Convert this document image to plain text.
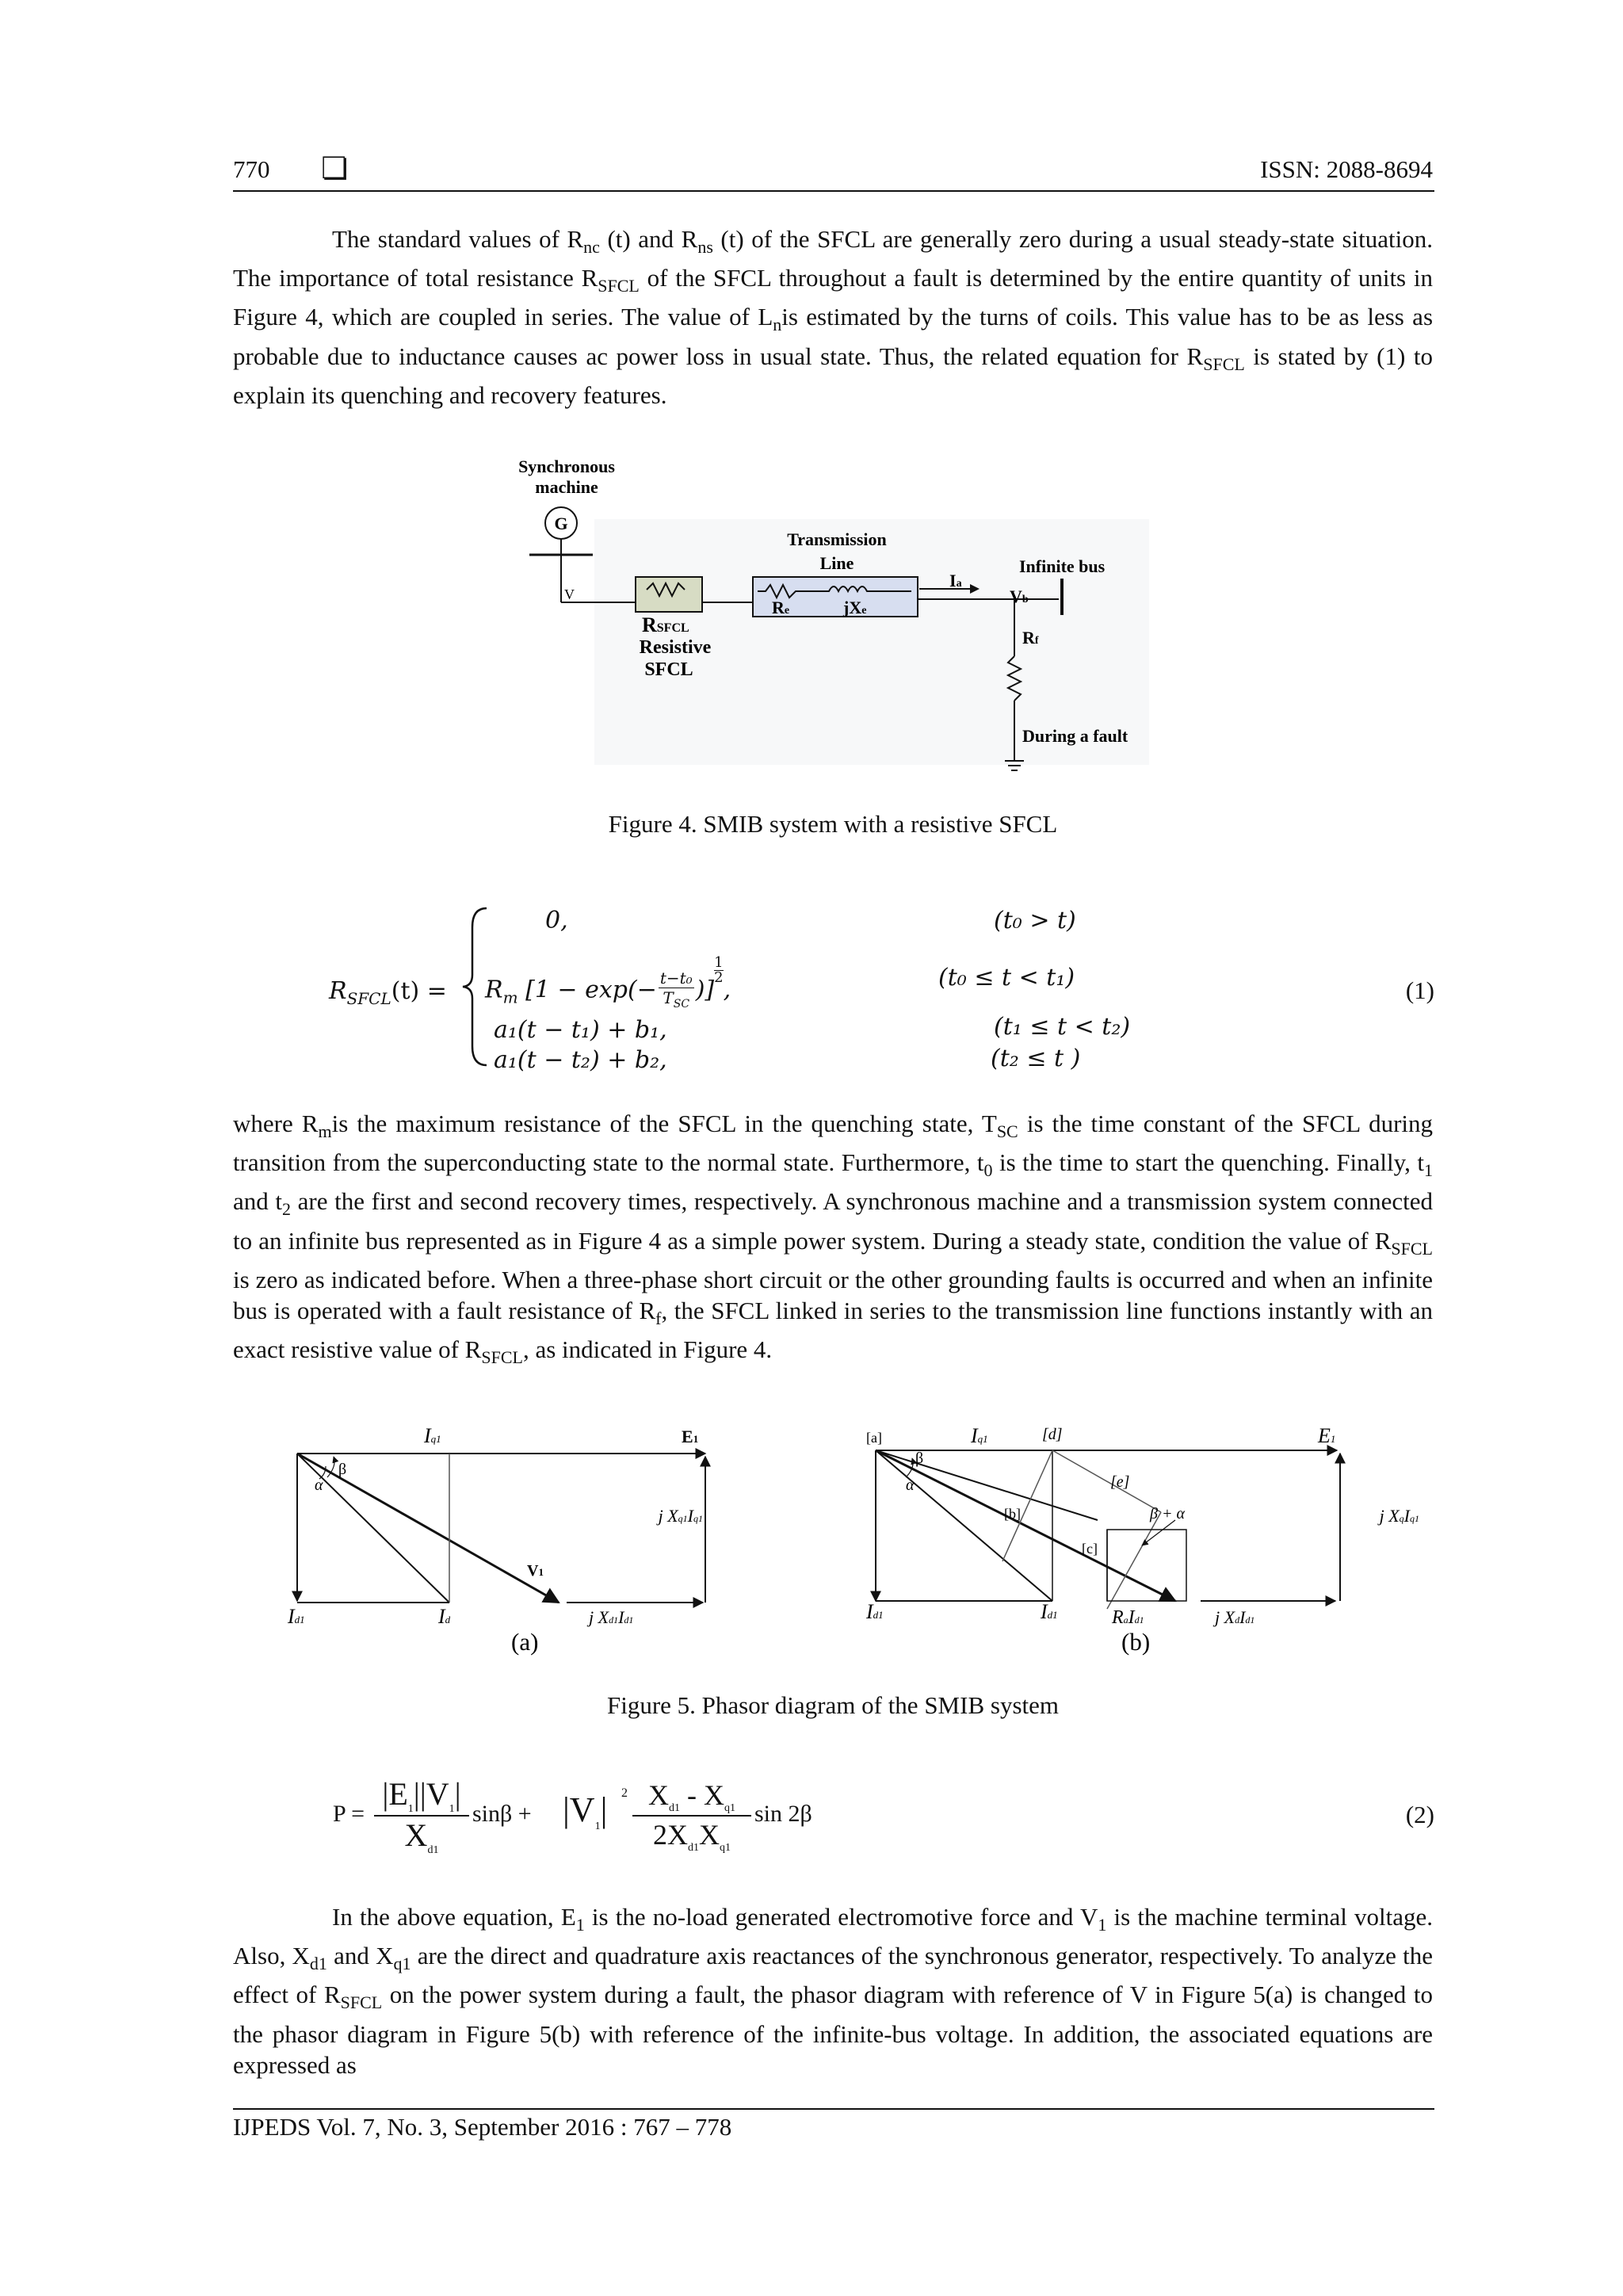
770 ❏	ISSN: 2088-8694
The standard values of $R_{nc}$ (t) and $R_{ns}$ (t) of the SFCL are generally zero during a usual steady-state situation. The importance of total resistance $R_{SFCL}$ of the SFCL throughout a fault is determined by the entire quantity of units in Figure 4, which are coupled in series. The value of $L_nis$ estimated by the turns of coils. This value has to be as less as probable due to inductance causes ac power loss in usual state. Thus, the related equation for $R_{SFCL}$ is stated by (1) to explain its quenching and recovery features.
Synchronous
machine
G
V
RSFCL
Resistive
SFCL
Transmission
Line
Re	jXe
Ia
Vb
Infinite bus
Rf
During a fault
Figure 4. SMIB system with a resistive SFCL
$R_{SFCL}(t)$ =
0,
$R_m$ [1 − exp(− t−t₀
$T_{SC}$
)]
$\frac{1}{2}$
,
a₁(t − t₁) + b₁,
a₁(t − t₂) + b₂,
(t₀ > t)
(t₀ ≤ t < t₁)
(t₁ ≤ t < t₂)
(t₂ ≤ t )
(1)
where $R_mis$ the maximum resistance of the SFCL in the quenching state, $T_{SC}$ is the time constant of the SFCL during transition from the superconducting state to the normal state. Furthermore, $t_0$ is the time to start the quenching. Finally, $t_1$ and $t_2$ are the first and second recovery times, respectively. A synchronous machine and a transmission system connected to an infinite bus represented as in Figure 4 as a simple power system. During a steady state, condition the value of $R_{SFCL}$ is zero as indicated before. When a three-phase short circuit or the other grounding faults is occurred and when an infinite bus is operated with a fault resistance of $R_f$, the SFCL linked in series to the transmission line functions instantly with an exact resistive value of $R_{SFCL}$, as indicated in Figure 4.
Iq1	E1
β
α
V1
j Xq1Iq1
Id1	Id	j Xd1Id1
(a)
[a]	Iq1	[d]	E1
[e]
β
α
[b]	β + α
[c]
j XqIq1
Id1	Id1	RaId1	j XdId1
(b)
Figure 5. Phasor diagram of the SMIB system
P =
$|E_1||V_1|$
$X_{d1}$
$\sin\beta + |V_1|$ 2 $X_{d1} - X_{q1}$
$2X_{d1}X_{q1}$
sin 2β	(2)
In the above equation, $E_1$ is the no-load generated electromotive force and $V_1$ is the machine terminal voltage. Also, $X_{d1}$ and $X_{q1}$ are the direct and quadrature axis reactances of the synchronous generator, respectively. To analyze the effect of $R_{SFCL}$ on the power system during a fault, the phasor diagram with reference of V in Figure 5(a) is changed to the phasor diagram in Figure 5(b) with reference of the infinite-bus voltage. In addition, the associated equations are expressed as
IJPEDS Vol. 7, No. 3, September 2016 : 767 – 778
